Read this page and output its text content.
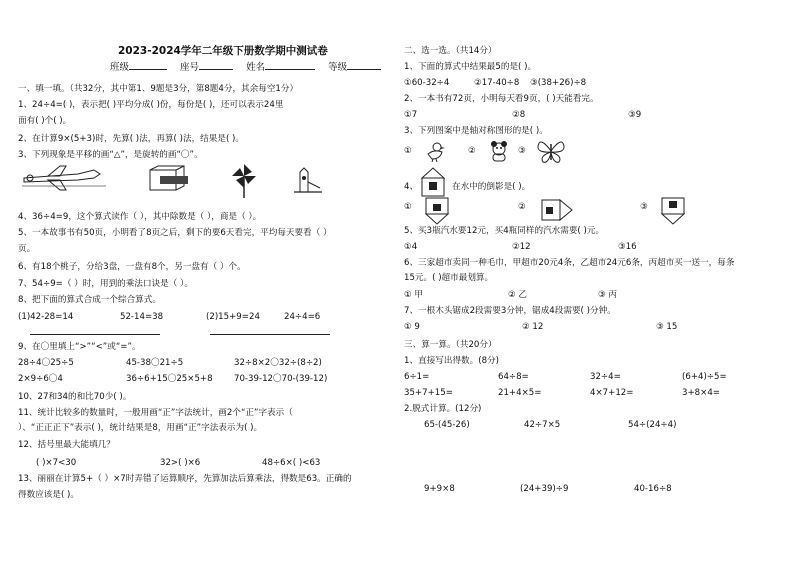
2023-2024学年二年级下册数学期中测试卷
班级	座号	姓名	等级
一、填一填。（共32分，其中第1、9题是3分，第8题4分，其余每空1分）
1、24÷4=( )，表示把( )平均分成( )份，每份是( )，还可以表示24里
面有( )个( )。
2、在计算9×(5+3)时，先算( )法，再算( )法，结果是( )。
3、下列现象是平移的画“△”，是旋转的画“〇”。
4、36÷4=9，这个算式读作（ ），其中除数是（ ），商是（ ）。
5、一本故事书有50页，小明看了8页之后，剩下的要6天看完，平均每天要看（ ）
页。
6、有18个桃子，分给3盘，一盘有8个，另一盘有（ ）个。
7、54÷9=（ ）时，用到的乘法口诀是（ ）。
8、把下面的算式合成一个综合算式。
(1)42-28=14	52-14=38	(2)15+9=24	24÷4=6
9、在〇里填上“>”“<”或“=”。
28÷4〇25÷5	45-38〇21÷5	32÷8×2〇32÷(8÷2)
2×9÷6〇4	36÷6+15〇25×5+8 70-39-12〇70-(39-12)
10、27和34的和比70少( )。
11、统计比较多的数量时，一般用画“正”字法统计，画2个“正”字表示（
）、“正正正下”表示( )，统计结果是8，用画“正”字法表示为( )。
12、括号里最大能填几？
( )×7<30	32>( )×6	48÷6×( )<63
13、丽丽在计算5+（ ）×7时弄错了运算顺序，先算加法后算乘法，得数是63。正确的
得数应该是( )。
二、选一选。（共14分）
1、下面的算式中结果最5的是( )。
①60-32÷4	②17-40÷8 ③(38+26)÷8
2、一本书有72页，小明每天看9页，( )天能看完。
①7	②8	③9
3、下列图案中是轴对称图形的是( )。
①	②	③
4、	在水中的倒影是( )。
①	②	③
5、买3瓶汽水要12元，买4瓶同样的汽水需要( )元。
①4	②12	③16
6、三家超市卖同一种毛巾，甲超市20元4条，乙超市24元6条，丙超市买一送一，每条
15元。( )超市最划算。
① 甲	② 乙	③ 丙
7、一根木头锯成2段需要3分钟，锯成4段需要( )分钟。
① 9	② 12	③ 15
三、算一算。（共20分）
1、直接写出得数。(8分)
6÷1=	64÷8=	32÷4=	(6+4)÷5=
35+7+15=	21+4×5=	4×7+12=	3+8×4=
2.脱式计算。(12分)
65-(45-26)	42÷7×5	54÷(24÷4)
9+9×8	(24+39)÷9	40-16÷8
